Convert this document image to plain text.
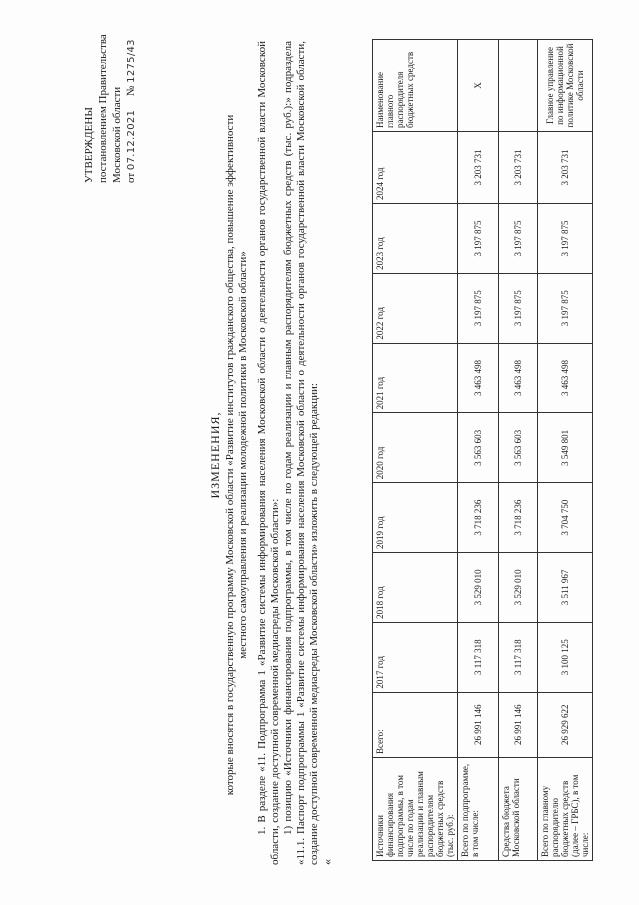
УТВЕРЖДЕНЫ постановлением Правительства Московской области от 07.12.2021     № 1275/43
ИЗМЕНЕНИЯ, которые вносятся в государственную программу Московской области «Развитие институтов гражданского общества, повышение эффективности местного самоуправления и реализации молодежной политики в Московской области» 1. В разделе «11. Подпрограмма 1 «Развитие системы информирования населения Московской области о деятельности органов государственной власти Московской области, создание доступной современной медиасреды Московской области»: 1) позицию «Источники финансирования подпрограммы, в том числе по годам реализации и главным распорядителям бюджетных средств (тыс. руб.):» подраздела «11.1. Паспорт подпрограммы 1 «Развитие системы информирования населения Московской области о деятельности органов государственной власти Московской области, создание доступной современной медиасреды Московской области» изложить в следующей редакции: «
Источники финансирования подпрограммы, в том числе по годам реализации и главным распорядителям бюджетных средств (тыс. руб.):	Всего:	2017 год	2018 год	2019 год	2020 год	2021 год	2022 год	2023 год	2024 год	Наименование главного распорядителя бюджетных средств
Всего по подпрограмме, в том числе:	26 991 146	3 117 318	3 529 010	3 718 236	3 563 603	3 463 498	3 197 875	3 197 875	3 203 731	Х
Средства бюджета Московской области	26 991 146	3 117 318	3 529 010	3 718 236	3 563 603	3 463 498	3 197 875	3 197 875	3 203 731	
Всего по главному распорядителю бюджетных средств (далее – ГРБС), в том числе:	26 929 622	3 100 125	3 511 967	3 704 750	3 549 801	3 463 498	3 197 875	3 197 875	3 203 731	Главное управление по информационной политике Московской области
